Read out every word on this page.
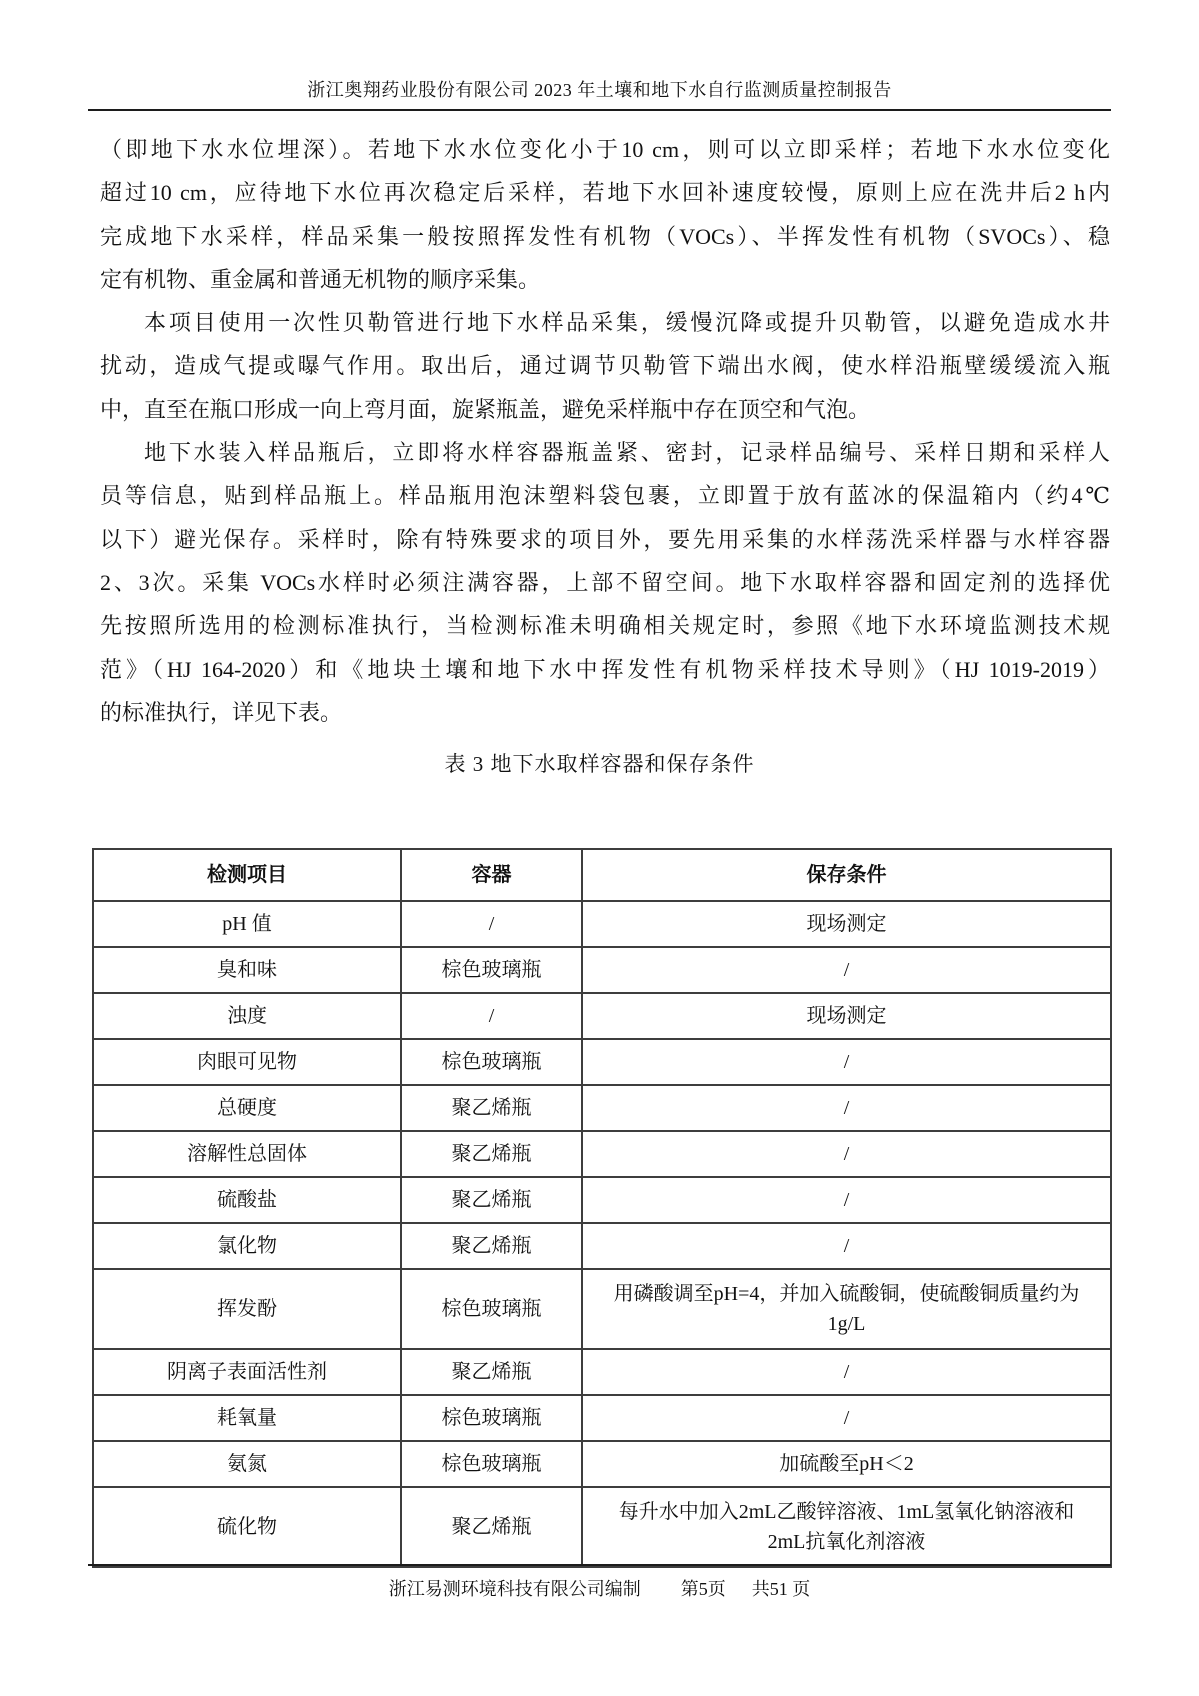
浙江奥翔药业股份有限公司 2023 年土壤和地下水自行监测质量控制报告
（即地下水水位埋深）。若地下水水位变化小于10 cm，则可以立即采样；若地下水水位变化
超过10 cm，应待地下水位再次稳定后采样，若地下水回补速度较慢，原则上应在洗井后2 h内
完成地下水采样，样品采集一般按照挥发性有机物（VOCs）、半挥发性有机物（SVOCs）、稳
定有机物、重金属和普通无机物的顺序采集。
本项目使用一次性贝勒管进行地下水样品采集，缓慢沉降或提升贝勒管，以避免造成水井
扰动，造成气提或曝气作用。取出后，通过调节贝勒管下端出水阀，使水样沿瓶壁缓缓流入瓶
中，直至在瓶口形成一向上弯月面，旋紧瓶盖，避免采样瓶中存在顶空和气泡。
地下水装入样品瓶后，立即将水样容器瓶盖紧、密封，记录样品编号、采样日期和采样人
员等信息，贴到样品瓶上。样品瓶用泡沫塑料袋包裹，立即置于放有蓝冰的保温箱内（约4℃
以下）避光保存。采样时，除有特殊要求的项目外，要先用采集的水样荡洗采样器与水样容器
2、3次。采集 VOCs水样时必须注满容器，上部不留空间。地下水取样容器和固定剂的选择优
先按照所选用的检测标准执行，当检测标准未明确相关规定时，参照《地下水环境监测技术规
范》（HJ 164-2020）和《地块土壤和地下水中挥发性有机物采样技术导则》（HJ 1019-2019）
的标准执行，详见下表。
表 3 地下水取样容器和保存条件
检测项目	容器	保存条件
pH 值	/	现场测定
臭和味	棕色玻璃瓶	/
浊度	/	现场测定
肉眼可见物	棕色玻璃瓶	/
总硬度	聚乙烯瓶	/
溶解性总固体	聚乙烯瓶	/
硫酸盐	聚乙烯瓶	/
氯化物	聚乙烯瓶	/
挥发酚	棕色玻璃瓶	用磷酸调至pH=4，并加入硫酸铜，使硫酸铜质量约为
1g/L

阴离子表面活性剂	聚乙烯瓶	/
耗氧量	棕色玻璃瓶	/
氨氮	棕色玻璃瓶	加硫酸至pH＜2
硫化物	聚乙烯瓶	每升水中加入2mL乙酸锌溶液、1mL氢氧化钠溶液和
2mL抗氧化剂溶液
浙江易测环境科技有限公司编制 第5页 共51 页
